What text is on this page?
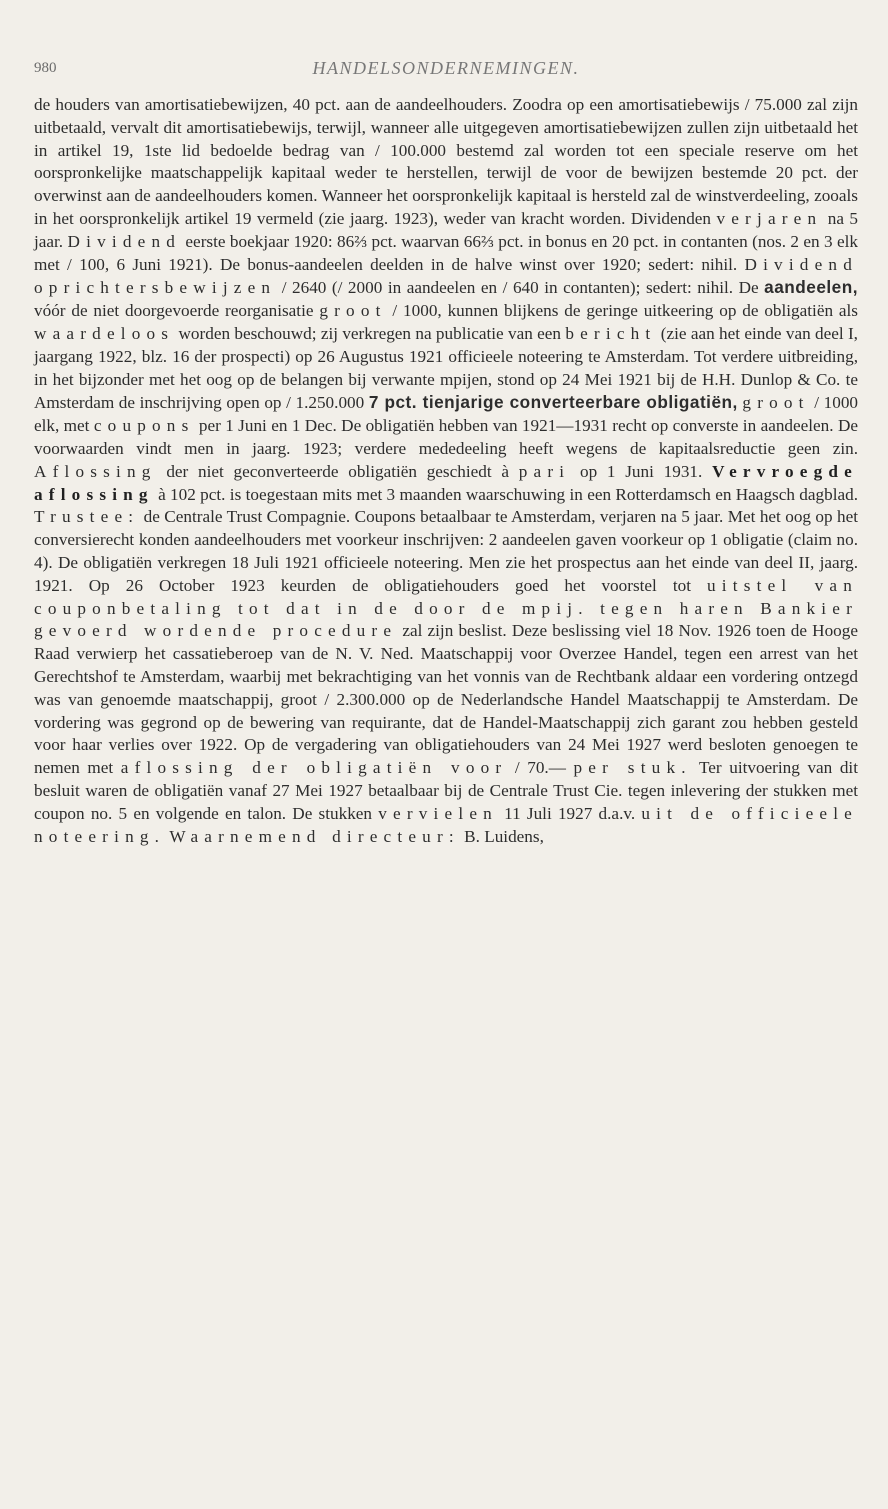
980	HANDELSONDERNEMINGEN.

de houders van amortisatiebewijzen, 40 pct. aan de aandeelhouders. Zoodra op een amortisatiebewijs / 75.000 zal zijn uitbetaald, vervalt dit amortisatiebewijs, terwijl, wanneer alle uitgegeven amortisatiebewijzen zullen zijn uitbetaald het in artikel 19, 1ste lid bedoelde bedrag van / 100.000 bestemd zal worden tot een speciale reserve om het oorspronkelijke maatschappelijk kapitaal weder te herstellen, terwijl de voor de bewijzen bestemde 20 pct. der overwinst aan de aandeelhouders komen. Wanneer het oorspronkelijk kapitaal is hersteld zal de winstverdeeling, zooals in het oorspronkelijk artikel 19 vermeld (zie jaarg. 1923), weder van kracht worden. Dividenden verjaren na 5 jaar. Dividend eerste boekjaar 1920: 86⅔ pct. waarvan 66⅔ pct. in bonus en 20 pct. in contanten (nos. 2 en 3 elk met / 100, 6 Juni 1921). De bonus-aandeelen deelden in de halve winst over 1920; sedert: nihil. Dividend oprichtersbewijzen / 2640 (/ 2000 in aandeelen en / 640 in contanten); sedert: nihil. De aandeelen, vóór de niet doorgevoerde reorganisatie groot / 1000, kunnen blijkens de geringe uitkeering op de obligatiën als waardeloos worden beschouwd; zij verkregen na publicatie van een bericht (zie aan het einde van deel I, jaargang 1922, blz. 16 der prospecti) op 26 Augustus 1921 officieele noteering te Amsterdam. Tot verdere uitbreiding, in het bijzonder met het oog op de belangen bij verwante mpijen, stond op 24 Mei 1921 bij de H.H. Dunlop & Co. te Amsterdam de inschrijving open op / 1.250.000 7 pct. tienjarige converteerbare obligatiën, groot / 1000 elk, met coupons per 1 Juni en 1 Dec. De obligatiën hebben van 1921—1931 recht op converste in aandeelen. De voorwaarden vindt men in jaarg. 1923; verdere mededeeling heeft wegens de kapitaalsreductie geen zin. Aflossing der niet geconverteerde obligatiën geschiedt à pari op 1 Juni 1931. Vervroegde aflossing à 102 pct. is toegestaan mits met 3 maanden waarschuwing in een Rotterdamsch en Haagsch dagblad. Trustee: de Centrale Trust Compagnie. Coupons betaalbaar te Amsterdam, verjaren na 5 jaar. Met het oog op het conversierecht konden aandeelhouders met voorkeur inschrijven: 2 aandeelen gaven voorkeur op 1 obligatie (claim no. 4). De obligatiën verkregen 18 Juli 1921 officieele noteering. Men zie het prospectus aan het einde van deel II, jaarg. 1921. Op 26 October 1923 keurden de obligatiehouders goed het voorstel tot uitstel van couponbetaling tot dat in de door de mpij. tegen haren Bankier gevoerd wordende procedure zal zijn beslist. Deze beslissing viel 18 Nov. 1926 toen de Hooge Raad verwierp het cassatieberoep van de N. V. Ned. Maatschappij voor Overzee Handel, tegen een arrest van het Gerechtshof te Amsterdam, waarbij met bekrachtiging van het vonnis van de Rechtbank aldaar een vordering ontzegd was van genoemde maatschappij, groot / 2.300.000 op de Nederlandsche Handel Maatschappij te Amsterdam. De vordering was gegrond op de bewering van requirante, dat de Handel-Maatschappij zich garant zou hebben gesteld voor haar verlies over 1922. Op de vergadering van obligatiehouders van 24 Mei 1927 werd besloten genoegen te nemen met aflossing der obligatiën voor / 70.— per stuk. Ter uitvoering van dit besluit waren de obligatiën vanaf 27 Mei 1927 betaalbaar bij de Centrale Trust Cie. tegen inlevering der stukken met coupon no. 5 en volgende en talon. De stukken vervielen 11 Juli 1927 d.a.v. uit de officieele noteering. Waarnemend directeur: B. Luidens,
